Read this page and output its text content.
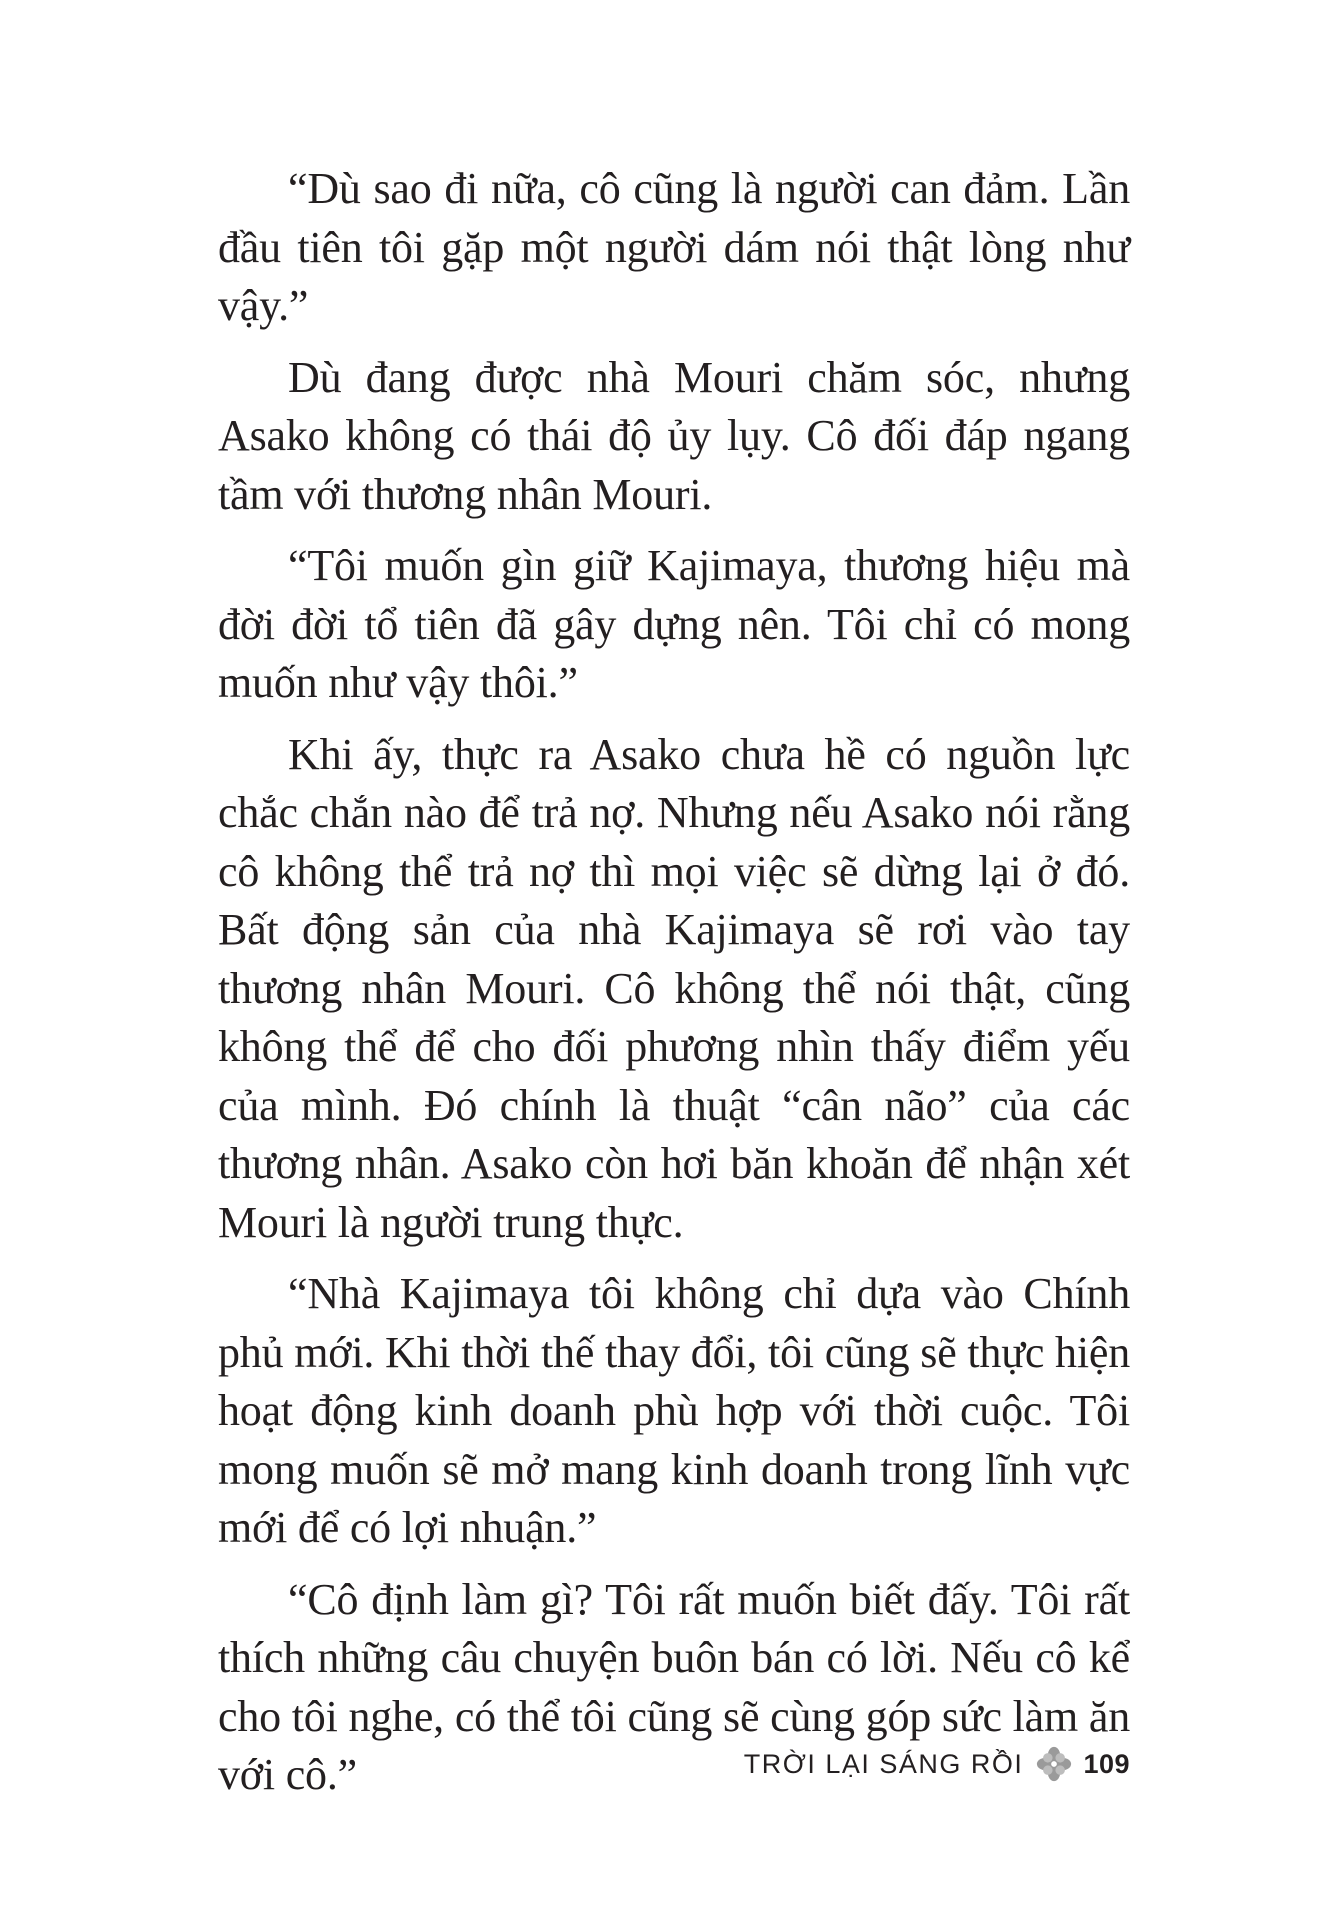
“Dù sao đi nữa, cô cũng là người can đảm. Lần đầu tiên tôi gặp một người dám nói thật lòng như vậy.”

Dù đang được nhà Mouri chăm sóc, nhưng Asako không có thái độ ủy lụy. Cô đối đáp ngang tầm với thương nhân Mouri.

“Tôi muốn gìn giữ Kajimaya, thương hiệu mà đời đời tổ tiên đã gây dựng nên. Tôi chỉ có mong muốn như vậy thôi.”

Khi ấy, thực ra Asako chưa hề có nguồn lực chắc chắn nào để trả nợ. Nhưng nếu Asako nói rằng cô không thể trả nợ thì mọi việc sẽ dừng lại ở đó. Bất động sản của nhà Kajimaya sẽ rơi vào tay thương nhân Mouri. Cô không thể nói thật, cũng không thể để cho đối phương nhìn thấy điểm yếu của mình. Đó chính là thuật “cân não” của các thương nhân. Asako còn hơi băn khoăn để nhận xét Mouri là người trung thực.

“Nhà Kajimaya tôi không chỉ dựa vào Chính phủ mới. Khi thời thế thay đổi, tôi cũng sẽ thực hiện hoạt động kinh doanh phù hợp với thời cuộc. Tôi mong muốn sẽ mở mang kinh doanh trong lĩnh vực mới để có lợi nhuận.”

“Cô định làm gì? Tôi rất muốn biết đấy. Tôi rất thích những câu chuyện buôn bán có lời. Nếu cô kể cho tôi nghe, có thể tôi cũng sẽ cùng góp sức làm ăn với cô.”	TRỜI LẠI SÁNG RỒI 109
